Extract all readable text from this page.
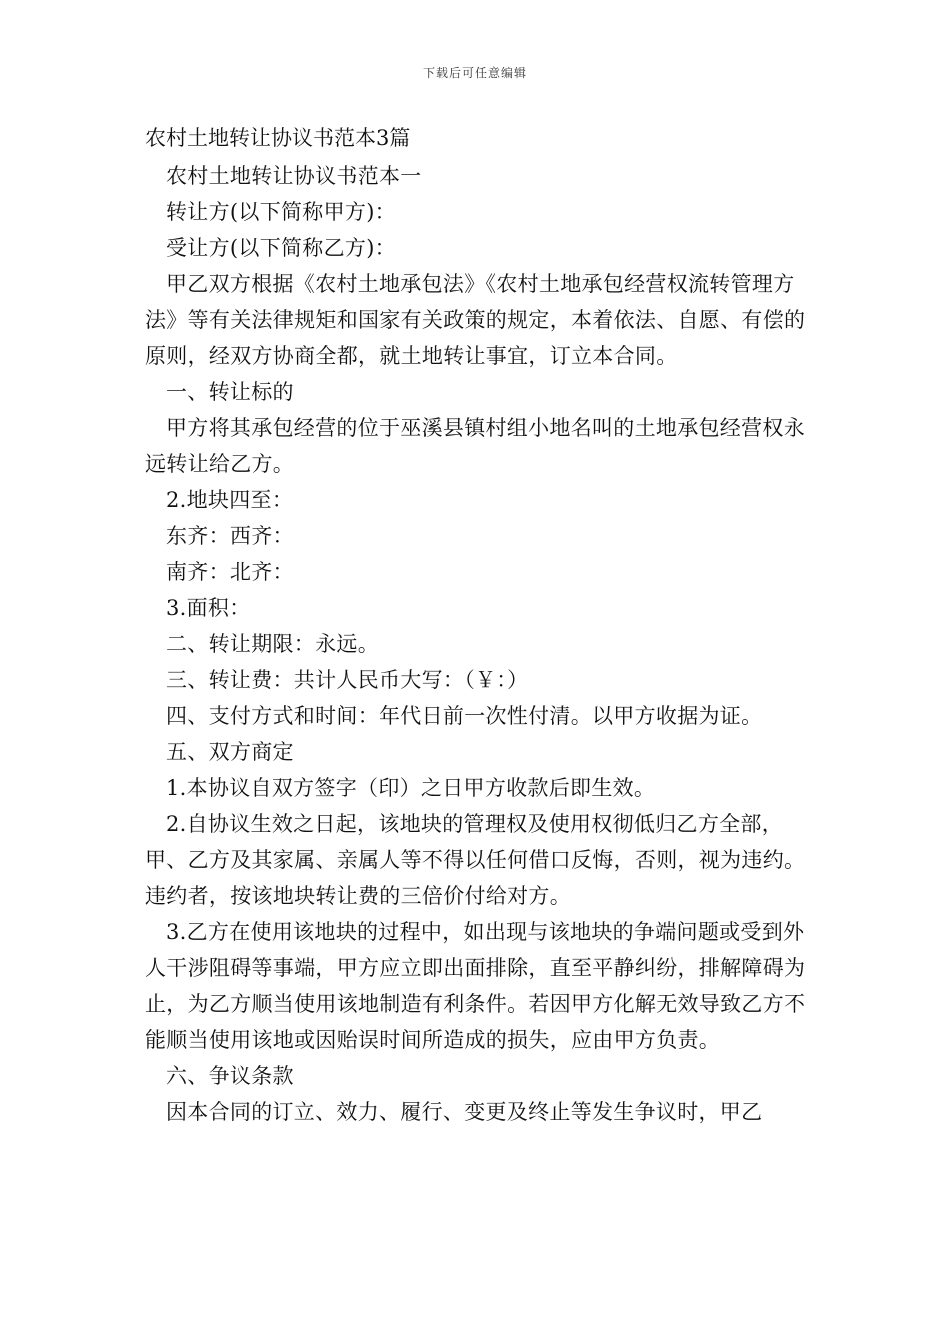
下载后可任意编辑

农村土地转让协议书范本3篇

农村土地转让协议书范本一

转让方(以下简称甲方)：

受让方(以下简称乙方)：

甲乙双方根据《农村土地承包法》《农村土地承包经营权流转管理方法》等有关法律规矩和国家有关政策的规定，本着依法、自愿、有偿的原则，经双方协商全都，就土地转让事宜，订立本合同。

一、转让标的

甲方将其承包经营的位于巫溪县镇村组小地名叫的土地承包经营权永远转让给乙方。

2.地块四至：

东齐：西齐：

南齐：北齐：

3.面积：

二、转让期限：永远。

三、转让费：共计人民币大写：（￥：）

四、支付方式和时间：年代日前一次性付清。以甲方收据为证。

五、双方商定

1.本协议自双方签字（印）之日甲方收款后即生效。

2.自协议生效之日起，该地块的管理权及使用权彻低归乙方全部，甲、乙方及其家属、亲属人等不得以任何借口反悔，否则，视为违约。违约者，按该地块转让费的三倍价付给对方。

3.乙方在使用该地块的过程中，如出现与该地块的争端问题或受到外人干涉阻碍等事端，甲方应立即出面排除，直至平静纠纷，排解障碍为止，为乙方顺当使用该地制造有利条件。若因甲方化解无效导致乙方不能顺当使用该地或因贻误时间所造成的损失，应由甲方负责。

六、争议条款

因本合同的订立、效力、履行、变更及终止等发生争议时，甲乙
